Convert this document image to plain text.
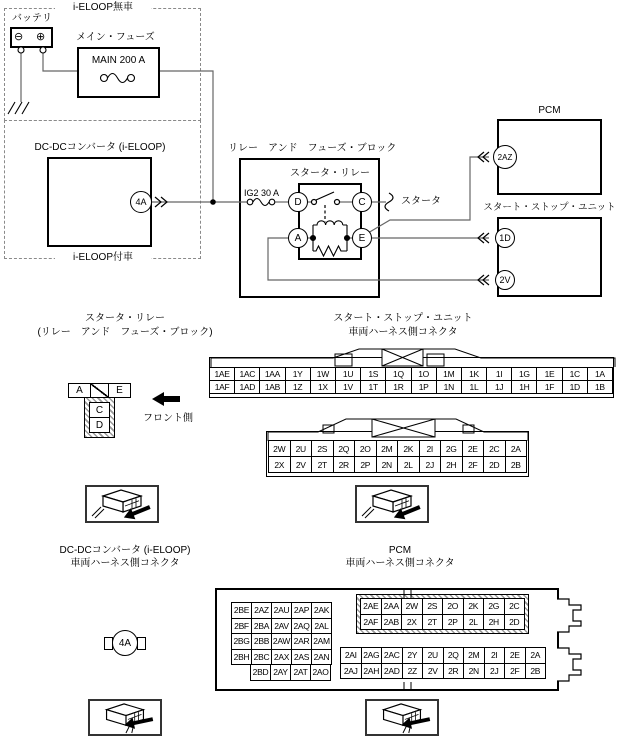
i-ELOOP無車
i-ELOOP付車
バッテリ
⊖ ⊕	メイン・フューズ
MAIN 200 A
DC-DCコンバータ (i-ELOOP)
4A
リレー　アンド　フューズ・ブロック
スタータ・リレー
IG2 30 A
D	C
A	E
スタータ
PCM
2AZ
スタート・ストップ・ユニット
1D
2V
スタータ・リレー
(リレー　アンド　フューズ・ブロック)
A	E
C
D
フロント側
スタート・ストップ・ユニット
車両ハーネス側コネクタ
1AE	1AC	1AA	1Y	1W	1U	1S	1Q	1O	1M	1K	1I	1G	1E	1C	1A
1AF	1AD	1AB	1Z	1X	1V	1T	1R	1P	1N	1L	1J	1H	1F	1D	1B
2W	2U	2S	2Q	2O	2M	2K	2I	2G	2E	2C	2A
2X	2V	2T	2R	2P	2N	2L	2J	2H	2F	2D	2B
DC-DCコンバータ (i-ELOOP)
車両ハーネス側コネクタ
4A
PCM
車両ハーネス側コネクタ
2BE 2AZ 2AU 2AP 2AK
2BF 2BA 2AV 2AQ 2AL
2BG 2BB 2AW 2AR 2AM
2BH 2BC 2AX 2AS 2AN
2BD 2AY 2AT 2AO
2AE 2AA 2W	2S	2O	2K	2G	2C
2AF 2AB 2X	2T	2P	2L	2H	2D
2AI 2AG 2AC 2Y	2U	2Q	2M	2I	2E	2A
2AJ 2AH 2AD 2Z	2V	2R	2N	2J	2F	2B
